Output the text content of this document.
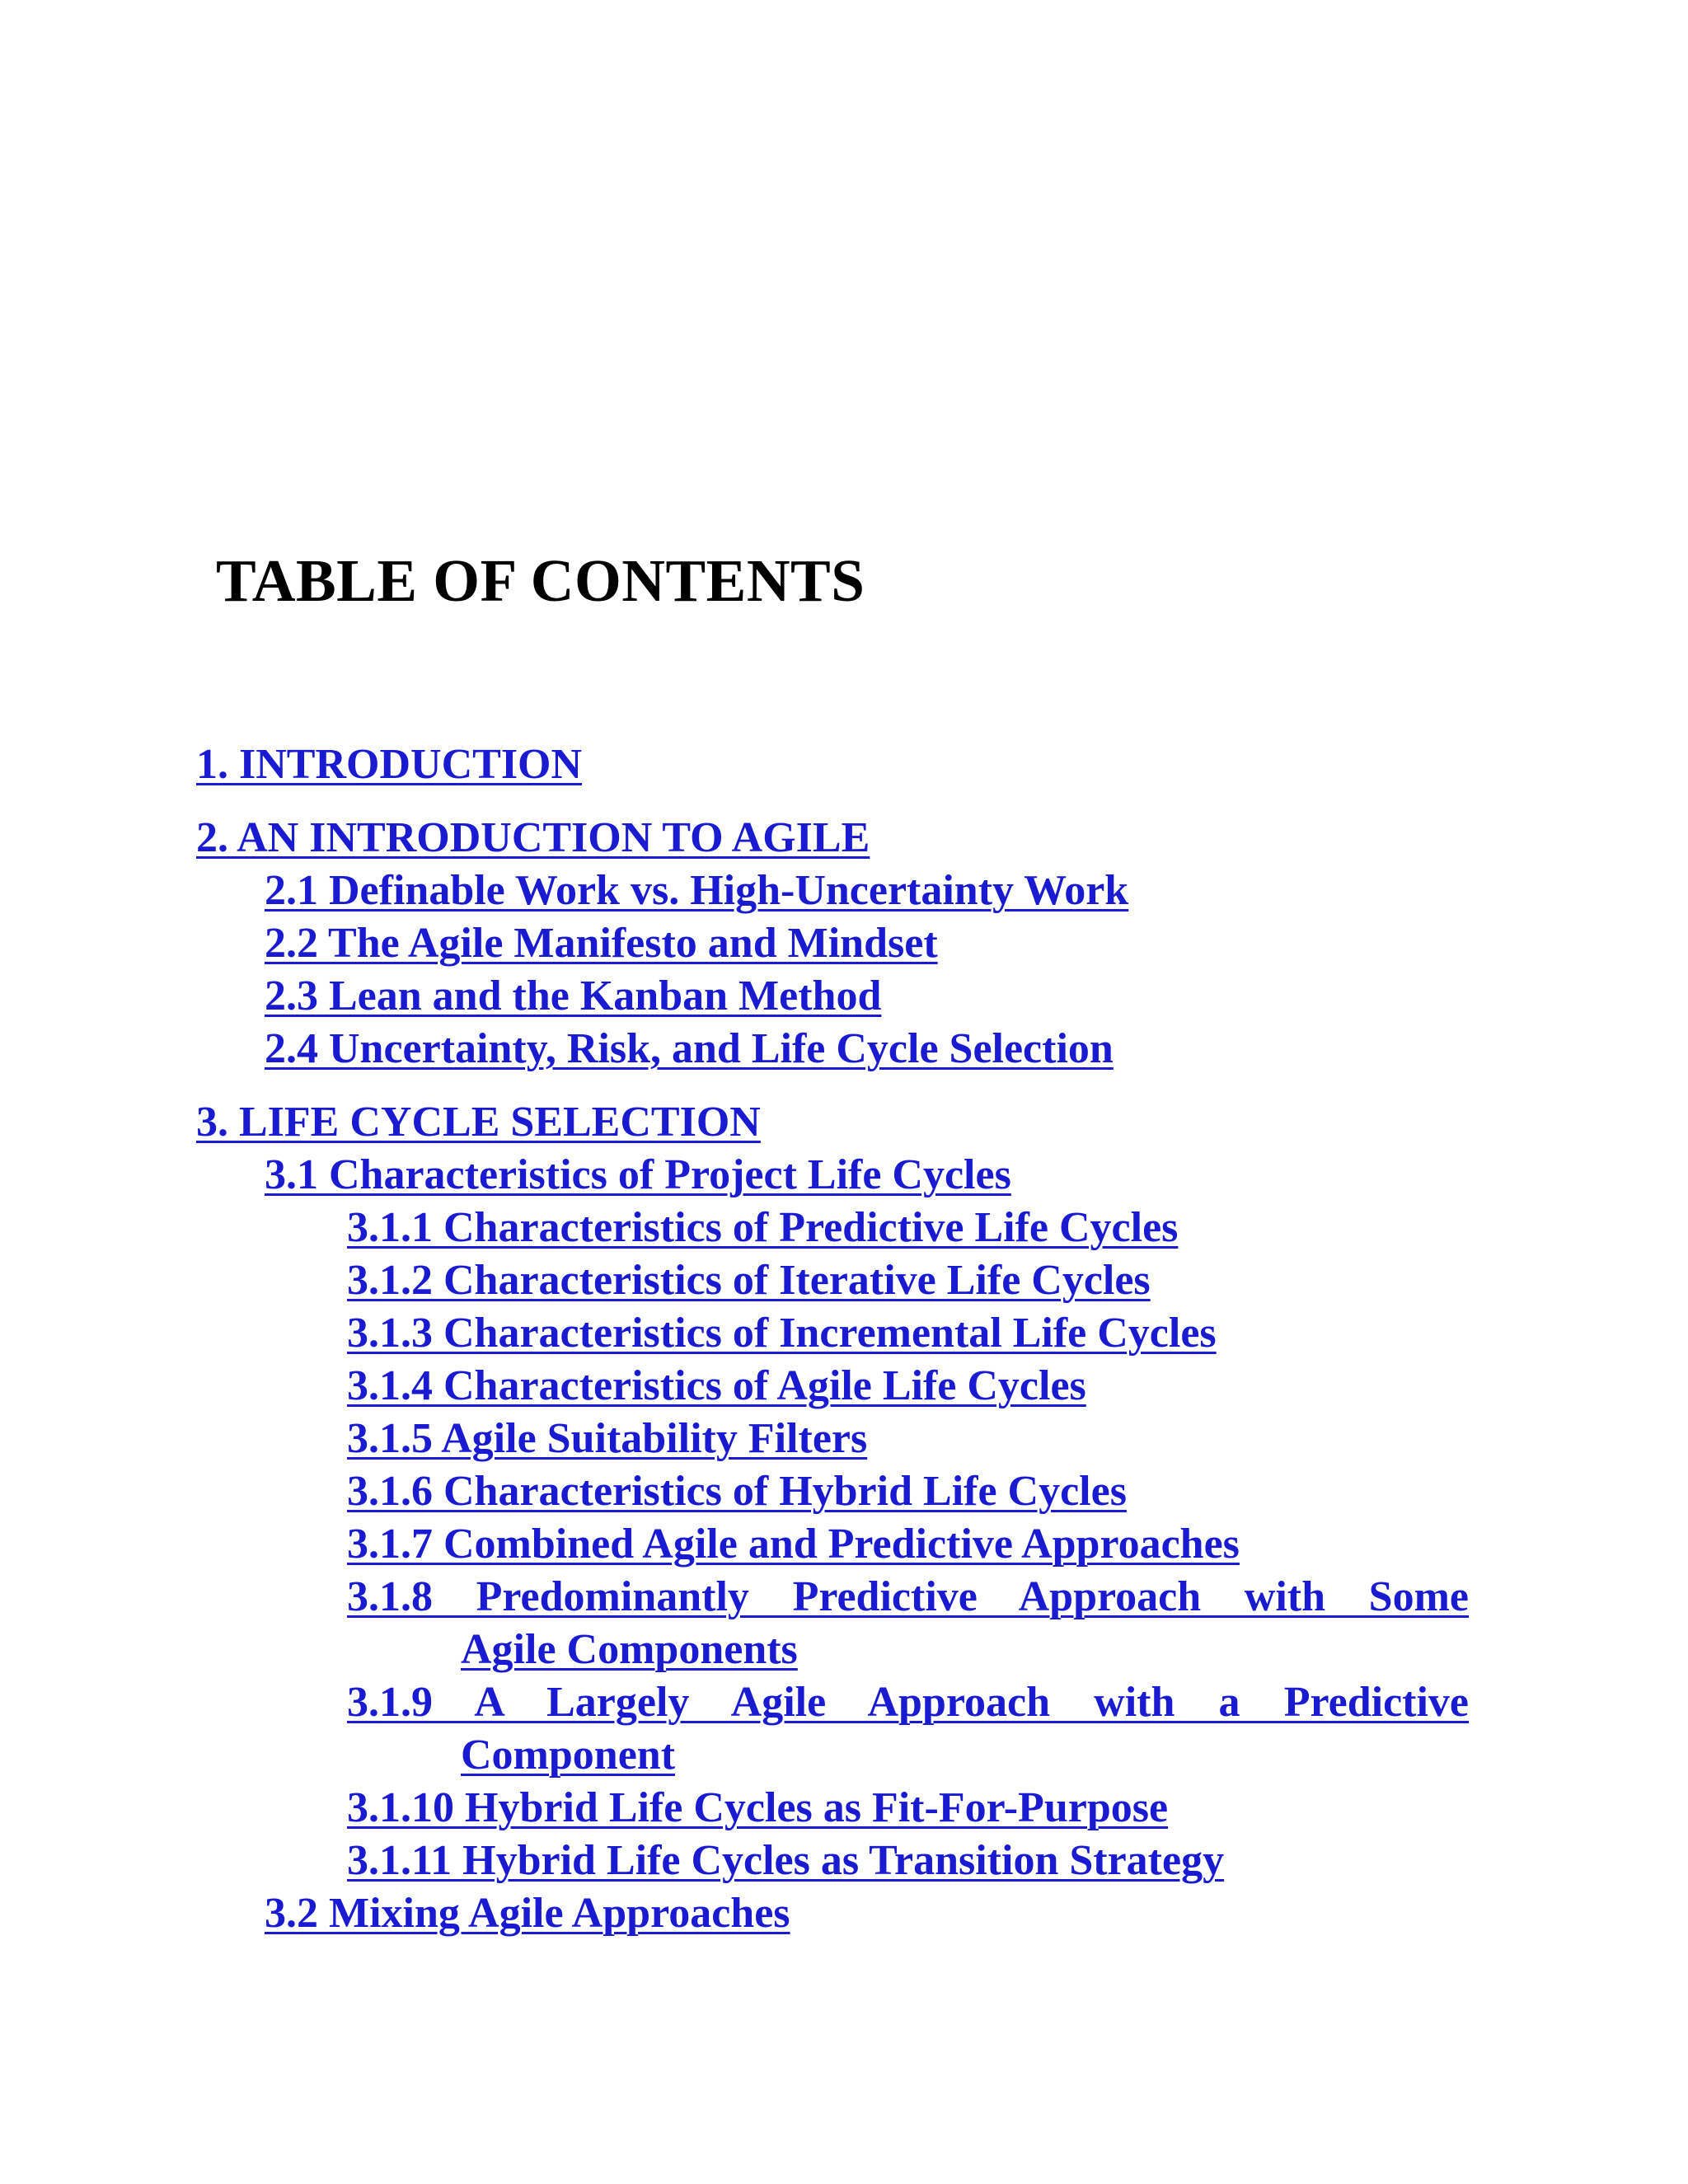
TABLE OF CONTENTS
1. INTRODUCTION
2. AN INTRODUCTION TO AGILE
2.1 Definable Work vs. High-Uncertainty Work
2.2 The Agile Manifesto and Mindset
2.3 Lean and the Kanban Method
2.4 Uncertainty, Risk, and Life Cycle Selection
3. LIFE CYCLE SELECTION
3.1 Characteristics of Project Life Cycles
3.1.1 Characteristics of Predictive Life Cycles
3.1.2 Characteristics of Iterative Life Cycles
3.1.3 Characteristics of Incremental Life Cycles
3.1.4 Characteristics of Agile Life Cycles
3.1.5 Agile Suitability Filters
3.1.6 Characteristics of Hybrid Life Cycles
3.1.7 Combined Agile and Predictive Approaches
3.1.8 Predominantly Predictive Approach with Some
Agile Components
3.1.9 A Largely Agile Approach with a Predictive
Component
3.1.10 Hybrid Life Cycles as Fit-For-Purpose
3.1.11 Hybrid Life Cycles as Transition Strategy
3.2 Mixing Agile Approaches
